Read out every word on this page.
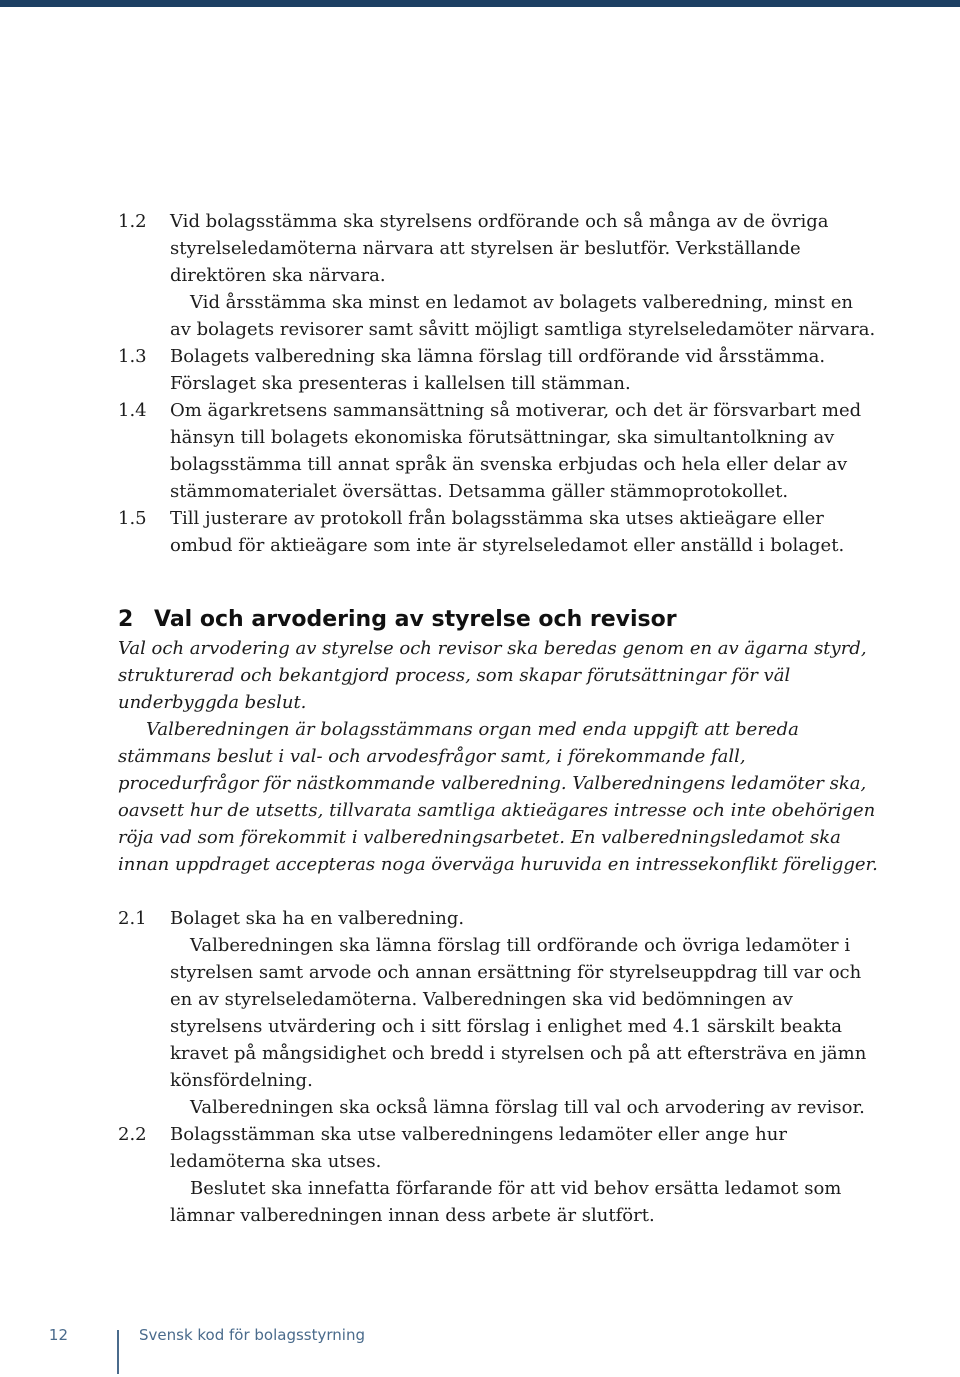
1.2 Vid bolagsstämma ska styrelsens ordförande och så många av de övriga styrelseledamöterna närvara att styrelsen är beslutför. Verkställande direktören ska närvara.

Vid årsstämma ska minst en ledamot av bolagets valberedning, minst en av bolagets revisorer samt såvitt möjligt samtliga styrelseledamöter närvara.

1.3 Bolagets valberedning ska lämna förslag till ordförande vid årsstämma. Förslaget ska presenteras i kallelsen till stämman.

1.4 Om ägarkretsens sammansättning så motiverar, och det är försvarbart med hänsyn till bolagets ekonomiska förutsättningar, ska simultantolkning av bolagsstämma till annat språk än svenska erbjudas och hela eller delar av stämmomaterialet översättas. Detsamma gäller stämmoprotokollet.

1.5 Till justerare av protokoll från bolagsstämma ska utses aktieägare eller ombud för aktieägare som inte är styrelseledamot eller anställd i bolaget.

2 Val och arvodering av styrelse och revisor

Val och arvodering av styrelse och revisor ska beredas genom en av ägarna styrd, strukturerad och bekantgjord process, som skapar förutsättningar för väl underbyggda beslut.

Valberedningen är bolagsstämmans organ med enda uppgift att bereda stämmans beslut i val- och arvodesfrågor samt, i förekommande fall, procedurfrågor för nästkommande valberedning. Valberedningens ledamöter ska, oavsett hur de utsetts, tillvarata samtliga aktieägares intresse och inte obehörigen röja vad som förekommit i valberedningsarbetet. En valberedningsledamot ska innan uppdraget accepteras noga överväga huruvida en intressekonflikt föreligger.

2.1 Bolaget ska ha en valberedning.

Valberedningen ska lämna förslag till ordförande och övriga ledamöter i styrelsen samt arvode och annan ersättning för styrelseuppdrag till var och en av styrelseledamöterna. Valberedningen ska vid bedömningen av styrelsens utvärdering och i sitt förslag i enlighet med 4.1 särskilt beakta kravet på mångsidighet och bredd i styrelsen och på att eftersträva en jämn könsfördelning.

Valberedningen ska också lämna förslag till val och arvodering av revisor.

2.2 Bolagsstämman ska utse valberedningens ledamöter eller ange hur ledamöterna ska utses.

Beslutet ska innefatta förfarande för att vid behov ersätta ledamot som lämnar valberedningen innan dess arbete är slutfört.

12	Svensk kod för bolagsstyrning
